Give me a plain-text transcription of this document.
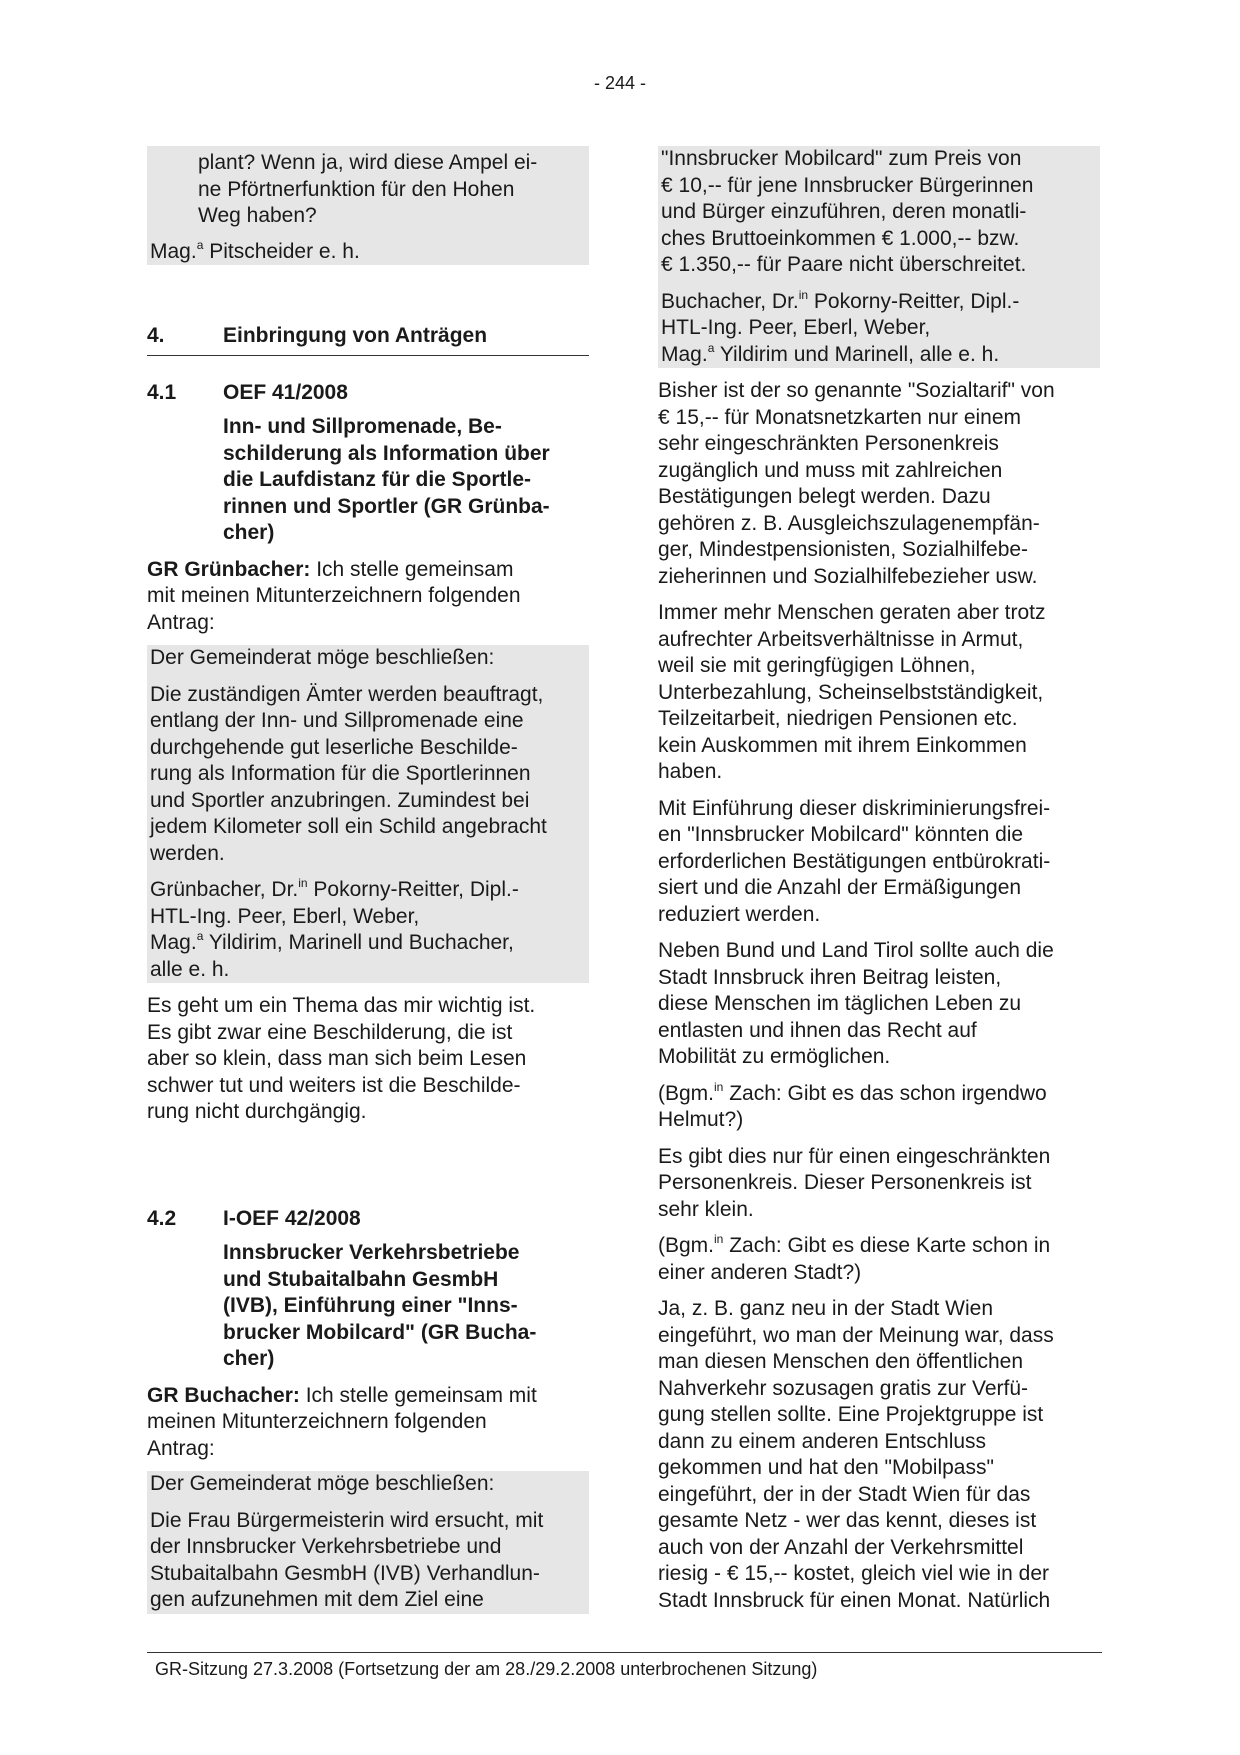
- 244 -

plant? Wenn ja, wird diese Ampel ei-
ne Pförtnerfunktion für den Hohen
Weg haben?

Mag.$^a$ Pitscheider e. h.

4.	Einbringung von Anträgen
4.1	OEF 41/2008

Inn- und Sillpromenade, Be-
schilderung als Information über
die Laufdistanz für die Sportle-
rinnen und Sportler (GR Grünba-
cher)

GR Grünbacher: Ich stelle gemeinsam
mit meinen Mitunterzeichnern folgenden
Antrag:

Der Gemeinderat möge beschließen:

Die zuständigen Ämter werden beauftragt,
entlang der Inn- und Sillpromenade eine
durchgehende gut leserliche Beschilde-
rung als Information für die Sportlerinnen
und Sportler anzubringen. Zumindest bei
jedem Kilometer soll ein Schild angebracht
werden.

Grünbacher, Dr.$^{in}$ Pokorny-Reitter, Dipl.-
HTL-Ing. Peer, Eberl, Weber,
Mag.$^a$ Yildirim, Marinell und Buchacher,
alle e. h.

Es geht um ein Thema das mir wichtig ist.
Es gibt zwar eine Beschilderung, die ist
aber so klein, dass man sich beim Lesen
schwer tut und weiters ist die Beschilde-
rung nicht durchgängig.

4.2	I-OEF 42/2008

Innsbrucker Verkehrsbetriebe
und Stubaitalbahn GesmbH
(IVB), Einführung einer "Inns-
brucker Mobilcard" (GR Bucha-
cher)

GR Buchacher: Ich stelle gemeinsam mit
meinen Mitunterzeichnern folgenden
Antrag:

Der Gemeinderat möge beschließen:

Die Frau Bürgermeisterin wird ersucht, mit
der Innsbrucker Verkehrsbetriebe und
Stubaitalbahn GesmbH (IVB) Verhandlun-
gen aufzunehmen mit dem Ziel eine

"Innsbrucker Mobilcard" zum Preis von
€ 10,-- für jene Innsbrucker Bürgerinnen
und Bürger einzuführen, deren monatli-
ches Bruttoeinkommen € 1.000,-- bzw.
€ 1.350,-- für Paare nicht überschreitet.

Buchacher, Dr.$^{in}$ Pokorny-Reitter, Dipl.-
HTL-Ing. Peer, Eberl, Weber,
Mag.$^a$ Yildirim und Marinell, alle e. h.

Bisher ist der so genannte "Sozialtarif" von
€ 15,-- für Monatsnetzkarten nur einem
sehr eingeschränkten Personenkreis
zugänglich und muss mit zahlreichen
Bestätigungen belegt werden. Dazu
gehören z. B. Ausgleichszulagenempfän-
ger, Mindestpensionisten, Sozialhilfebe-
zieherinnen und Sozialhilfebezieher usw.

Immer mehr Menschen geraten aber trotz
aufrechter Arbeitsverhältnisse in Armut,
weil sie mit geringfügigen Löhnen,
Unterbezahlung, Scheinselbstständigkeit,
Teilzeitarbeit, niedrigen Pensionen etc.
kein Auskommen mit ihrem Einkommen
haben.

Mit Einführung dieser diskriminierungsfrei-
en "Innsbrucker Mobilcard" könnten die
erforderlichen Bestätigungen entbürokrati-
siert und die Anzahl der Ermäßigungen
reduziert werden.

Neben Bund und Land Tirol sollte auch die
Stadt Innsbruck ihren Beitrag leisten,
diese Menschen im täglichen Leben zu
entlasten und ihnen das Recht auf
Mobilität zu ermöglichen.

(Bgm.$^{in}$ Zach: Gibt es das schon irgendwo
Helmut?)

Es gibt dies nur für einen eingeschränkten
Personenkreis. Dieser Personenkreis ist
sehr klein.

(Bgm.$^{in}$ Zach: Gibt es diese Karte schon in
einer anderen Stadt?)

Ja, z. B. ganz neu in der Stadt Wien
eingeführt, wo man der Meinung war, dass
man diesen Menschen den öffentlichen
Nahverkehr sozusagen gratis zur Verfü-
gung stellen sollte. Eine Projektgruppe ist
dann zu einem anderen Entschluss
gekommen und hat den "Mobilpass"
eingeführt, der in der Stadt Wien für das
gesamte Netz - wer das kennt, dieses ist
auch von der Anzahl der Verkehrsmittel
riesig - € 15,-- kostet, gleich viel wie in der
Stadt Innsbruck für einen Monat. Natürlich

GR-Sitzung 27.3.2008 (Fortsetzung der am 28./29.2.2008 unterbrochenen Sitzung)
